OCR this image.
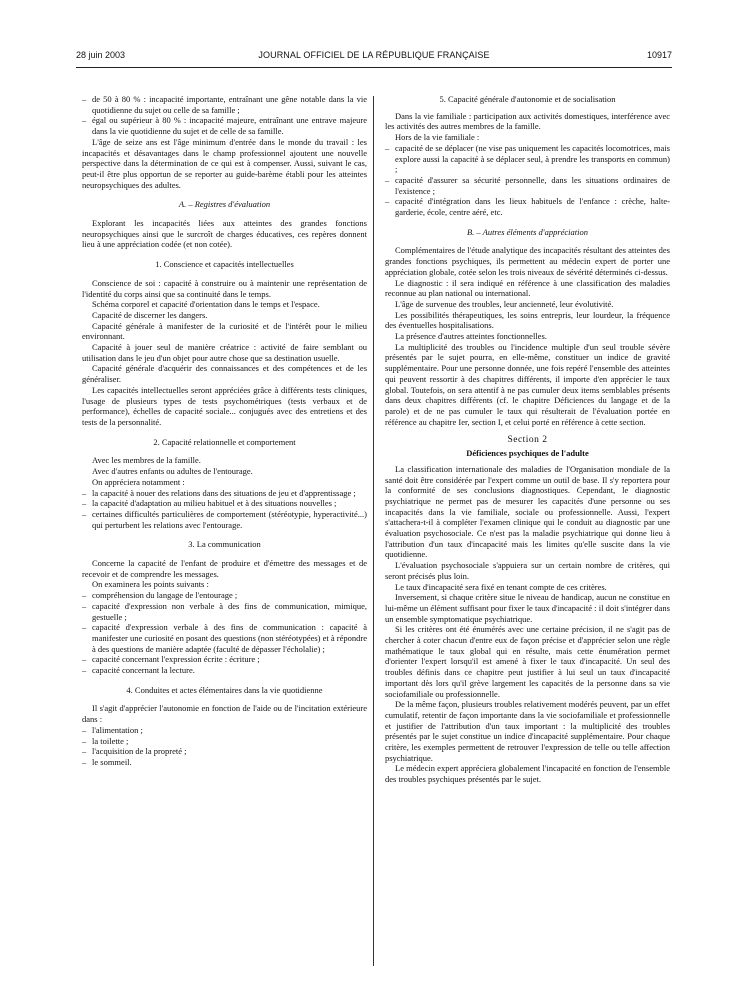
28 juin 2003	JOURNAL OFFICIEL DE LA RÉPUBLIQUE FRANÇAISE	10917
– de 50 à 80 % : incapacité importante, entraînant une gêne notable dans la vie quotidienne du sujet ou celle de sa famille ;
– égal ou supérieur à 80 % : incapacité majeure, entraînant une entrave majeure dans la vie quotidienne du sujet et de celle de sa famille.
L'âge de seize ans est l'âge minimum d'entrée dans le monde du travail : les incapacités et désavantages dans le champ professionnel ajoutent une nouvelle perspective dans la détermination de ce qui est à compenser. Aussi, suivant le cas, peut-il être plus opportun de se reporter au guide-barème établi pour les atteintes neuropsychiques des adultes.
A. – Registres d'évaluation
Explorant les incapacités liées aux atteintes des grandes fonctions neuropsychiques ainsi que le surcroît de charges éducatives, ces repères donnent lieu à une appréciation codée (et non cotée).
1. Conscience et capacités intellectuelles
Conscience de soi : capacité à construire ou à maintenir une représentation de l'identité du corps ainsi que sa continuité dans le temps.
Schéma corporel et capacité d'orientation dans le temps et l'espace.
Capacité de discerner les dangers.
Capacité générale à manifester de la curiosité et de l'intérêt pour le milieu environnant.
Capacité à jouer seul de manière créatrice : activité de faire semblant ou utilisation dans le jeu d'un objet pour autre chose que sa destination usuelle.
Capacité générale d'acquérir des connaissances et des compétences et de les généraliser.
Les capacités intellectuelles seront appréciées grâce à différents tests cliniques, l'usage de plusieurs types de tests psychométriques (tests verbaux et de performance), échelles de capacité sociale... conjugués avec des entretiens et des tests de la personnalité.
2. Capacité relationnelle et comportement
Avec les membres de la famille.
Avec d'autres enfants ou adultes de l'entourage.
On appréciera notamment :
– la capacité à nouer des relations dans des situations de jeu et d'apprentissage ;
– la capacité d'adaptation au milieu habituel et à des situations nouvelles ;
– certaines difficultés particulières de comportement (stéréotypie, hyperactivité...) qui perturbent les relations avec l'entourage.
3. La communication
Concerne la capacité de l'enfant de produire et d'émettre des messages et de recevoir et de comprendre les messages.
On examinera les points suivants :
– compréhension du langage de l'entourage ;
– capacité d'expression non verbale à des fins de communication, mimique, gestuelle ;
– capacité d'expression verbale à des fins de communication : capacité à manifester une curiosité en posant des questions (non stéréotypées) et à répondre à des questions de manière adaptée (faculté de dépasser l'écholalie) ;
– capacité concernant l'expression écrite : écriture ;
– capacité concernant la lecture.
4. Conduites et actes élémentaires dans la vie quotidienne
Il s'agit d'apprécier l'autonomie en fonction de l'aide ou de l'incitation extérieure dans :
– l'alimentation ;
– la toilette ;
– l'acquisition de la propreté ;
– le sommeil.
5. Capacité générale d'autonomie et de socialisation
Dans la vie familiale : participation aux activités domestiques, interférence avec les activités des autres membres de la famille.
Hors de la vie familiale :
– capacité de se déplacer (ne vise pas uniquement les capacités locomotrices, mais explore aussi la capacité à se déplacer seul, à prendre les transports en commun) ;
– capacité d'assurer sa sécurité personnelle, dans les situations ordinaires de l'existence ;
– capacité d'intégration dans les lieux habituels de l'enfance : crèche, halte-garderie, école, centre aéré, etc.
B. – Autres éléments d'appréciation
Complémentaires de l'étude analytique des incapacités résultant des atteintes des grandes fonctions psychiques, ils permettent au médecin expert de porter une appréciation globale, cotée selon les trois niveaux de sévérité déterminés ci-dessus.
Le diagnostic : il sera indiqué en référence à une classification des maladies reconnue au plan national ou international.
L'âge de survenue des troubles, leur ancienneté, leur évolutivité.
Les possibilités thérapeutiques, les soins entrepris, leur lourdeur, la fréquence des éventuelles hospitalisations.
La présence d'autres atteintes fonctionnelles.
La multiplicité des troubles ou l'incidence multiple d'un seul trouble sévère présentés par le sujet pourra, en elle-même, constituer un indice de gravité supplémentaire. Pour une personne donnée, une fois repéré l'ensemble des atteintes qui peuvent ressortir à des chapitres différents, il importe d'en apprécier le taux global. Toutefois, on sera attentif à ne pas cumuler deux items semblables présents dans deux chapitres différents (cf. le chapitre Déficiences du langage et de la parole) et de ne pas cumuler le taux qui résulterait de l'évaluation portée en référence au chapitre Ier, section I, et celui porté en référence à cette section.
Section 2
Déficiences psychiques de l'adulte
La classification internationale des maladies de l'Organisation mondiale de la santé doit être considérée par l'expert comme un outil de base. Il s'y reportera pour la conformité de ses conclusions diagnostiques. Cependant, le diagnostic psychiatrique ne permet pas de mesurer les capacités d'une personne ou ses incapacités dans la vie familiale, sociale ou professionnelle. Aussi, l'expert s'attachera-t-il à compléter l'examen clinique qui le conduit au diagnostic par une évaluation psychosociale. Ce n'est pas la maladie psychiatrique qui donne lieu à l'attribution d'un taux d'incapacité mais les limites qu'elle suscite dans la vie quotidienne.
L'évaluation psychosociale s'appuiera sur un certain nombre de critères, qui seront précisés plus loin.
Le taux d'incapacité sera fixé en tenant compte de ces critères.
Inversement, si chaque critère situe le niveau de handicap, aucun ne constitue en lui-même un élément suffisant pour fixer le taux d'incapacité : il doit s'intégrer dans un ensemble symptomatique psychiatrique.
Si les critères ont été énumérés avec une certaine précision, il ne s'agit pas de chercher à coter chacun d'entre eux de façon précise et d'apprécier selon une règle mathématique le taux global qui en résulte, mais cette énumération permet d'orienter l'expert lorsqu'il est amené à fixer le taux d'incapacité. Un seul des troubles définis dans ce chapitre peut justifier à lui seul un taux d'incapacité important dès lors qu'il grève largement les capacités de la personne dans sa vie sociofamiliale ou professionnelle.
De la même façon, plusieurs troubles relativement modérés peuvent, par un effet cumulatif, retentir de façon importante dans la vie sociofamiliale et professionnelle et justifier de l'attribution d'un taux important : la multiplicité des troubles présentés par le sujet constitue un indice d'incapacité supplémentaire. Pour chaque critère, les exemples permettent de retrouver l'expression de telle ou telle affection psychiatrique.
Le médecin expert appréciera globalement l'incapacité en fonction de l'ensemble des troubles psychiques présentés par le sujet.
